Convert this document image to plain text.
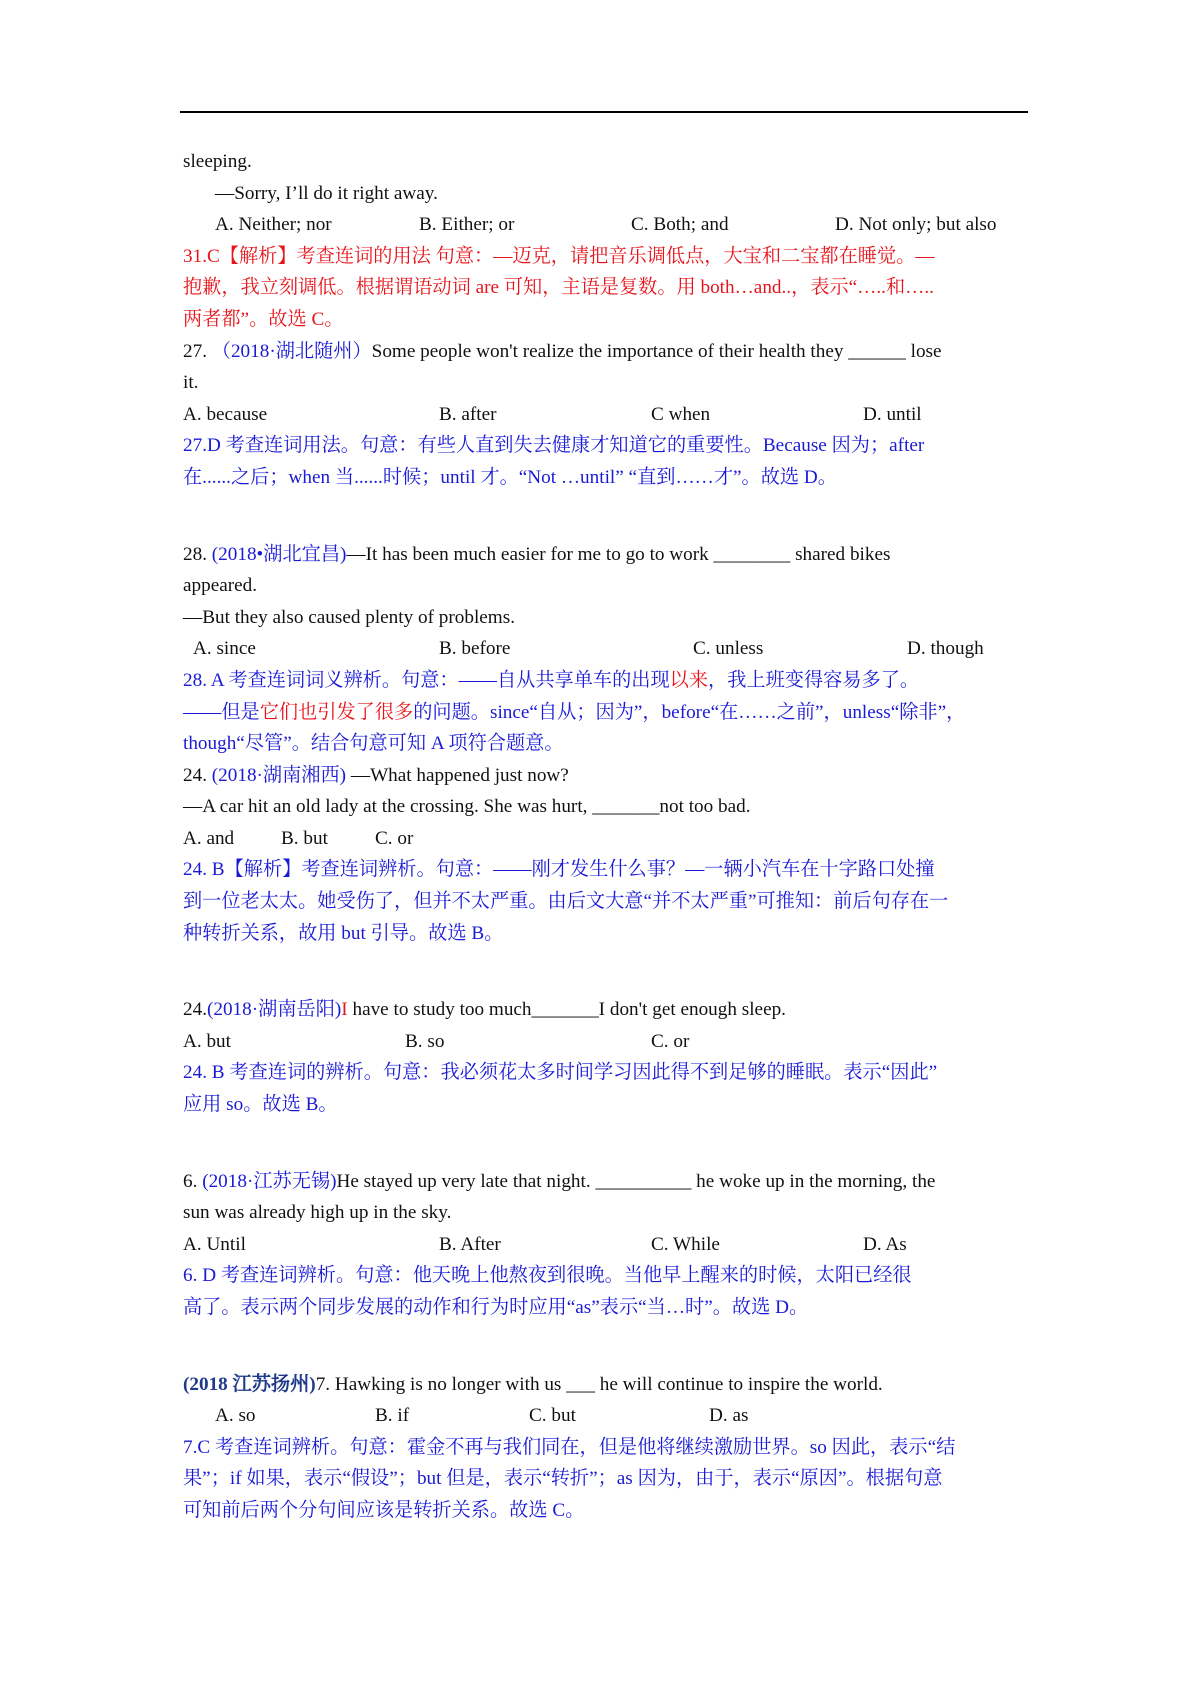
sleeping.
—Sorry, I’ll do it right away.
A. Neither; nor	B. Either; or	C. Both; and	D. Not only; but also
31.C【解析】考查连词的用法 句意：—迈克，请把音乐调低点，大宝和二宝都在睡觉。—
抱歉，我立刻调低。根据谓语动词 are 可知，主语是复数。用 both…and..，表示“…..和…..
两者都”。故选 C。
27. （2018·湖北随州）Some people won't realize the importance of their health they ______ lose
it.
A. because	B. after	C when	D. until
27.D 考查连词用法。句意：有些人直到失去健康才知道它的重要性。Because 因为；after
在......之后；when 当......时候；until 才。“Not …until” “直到……才”。故选 D。
28. (2018•湖北宜昌)—It has been much easier for me to go to work ________ shared bikes
appeared.
—But they also caused plenty of problems.
A. since	B. before	C. unless	D. though
28. A 考查连词词义辨析。句意：——自从共享单车的出现以来，我上班变得容易多了。
——但是它们也引发了很多的问题。since“自从；因为”，before“在……之前”，unless“除非”，
though“尽管”。结合句意可知 A 项符合题意。
24. (2018·湖南湘西) —What happened just now?
—A car hit an old lady at the crossing. She was hurt, _______not too bad.
A. and	B. but	C. or
24. B【解析】考查连词辨析。句意：——刚才发生什么事？—一辆小汽车在十字路口处撞
到一位老太太。她受伤了，但并不太严重。由后文大意“并不太严重”可推知：前后句存在一
种转折关系，故用 but 引导。故选 B。
24.(2018·湖南岳阳)I have to study too much_______I don't get enough sleep.
A. but	B. so	C. or
24. B 考查连词的辨析。句意：我必须花太多时间学习因此得不到足够的睡眠。表示“因此”
应用 so。故选 B。
6. (2018·江苏无锡)He stayed up very late that night. __________ he woke up in the morning, the
sun was already high up in the sky.
A. Until	B. After	C. While	D. As
6. D 考查连词辨析。句意：他天晚上他熬夜到很晚。当他早上醒来的时候，太阳已经很
高了。表示两个同步发展的动作和行为时应用“as”表示“当…时”。故选 D。
(2018 江苏扬州)7. Hawking is no longer with us ___ he will continue to inspire the world.
A. so	B. if	C. but	D. as
7.C 考查连词辨析。句意：霍金不再与我们同在，但是他将继续激励世界。so 因此，表示“结
果”；if 如果，表示“假设”；but 但是，表示“转折”；as 因为，由于，表示“原因”。根据句意
可知前后两个分句间应该是转折关系。故选 C。
